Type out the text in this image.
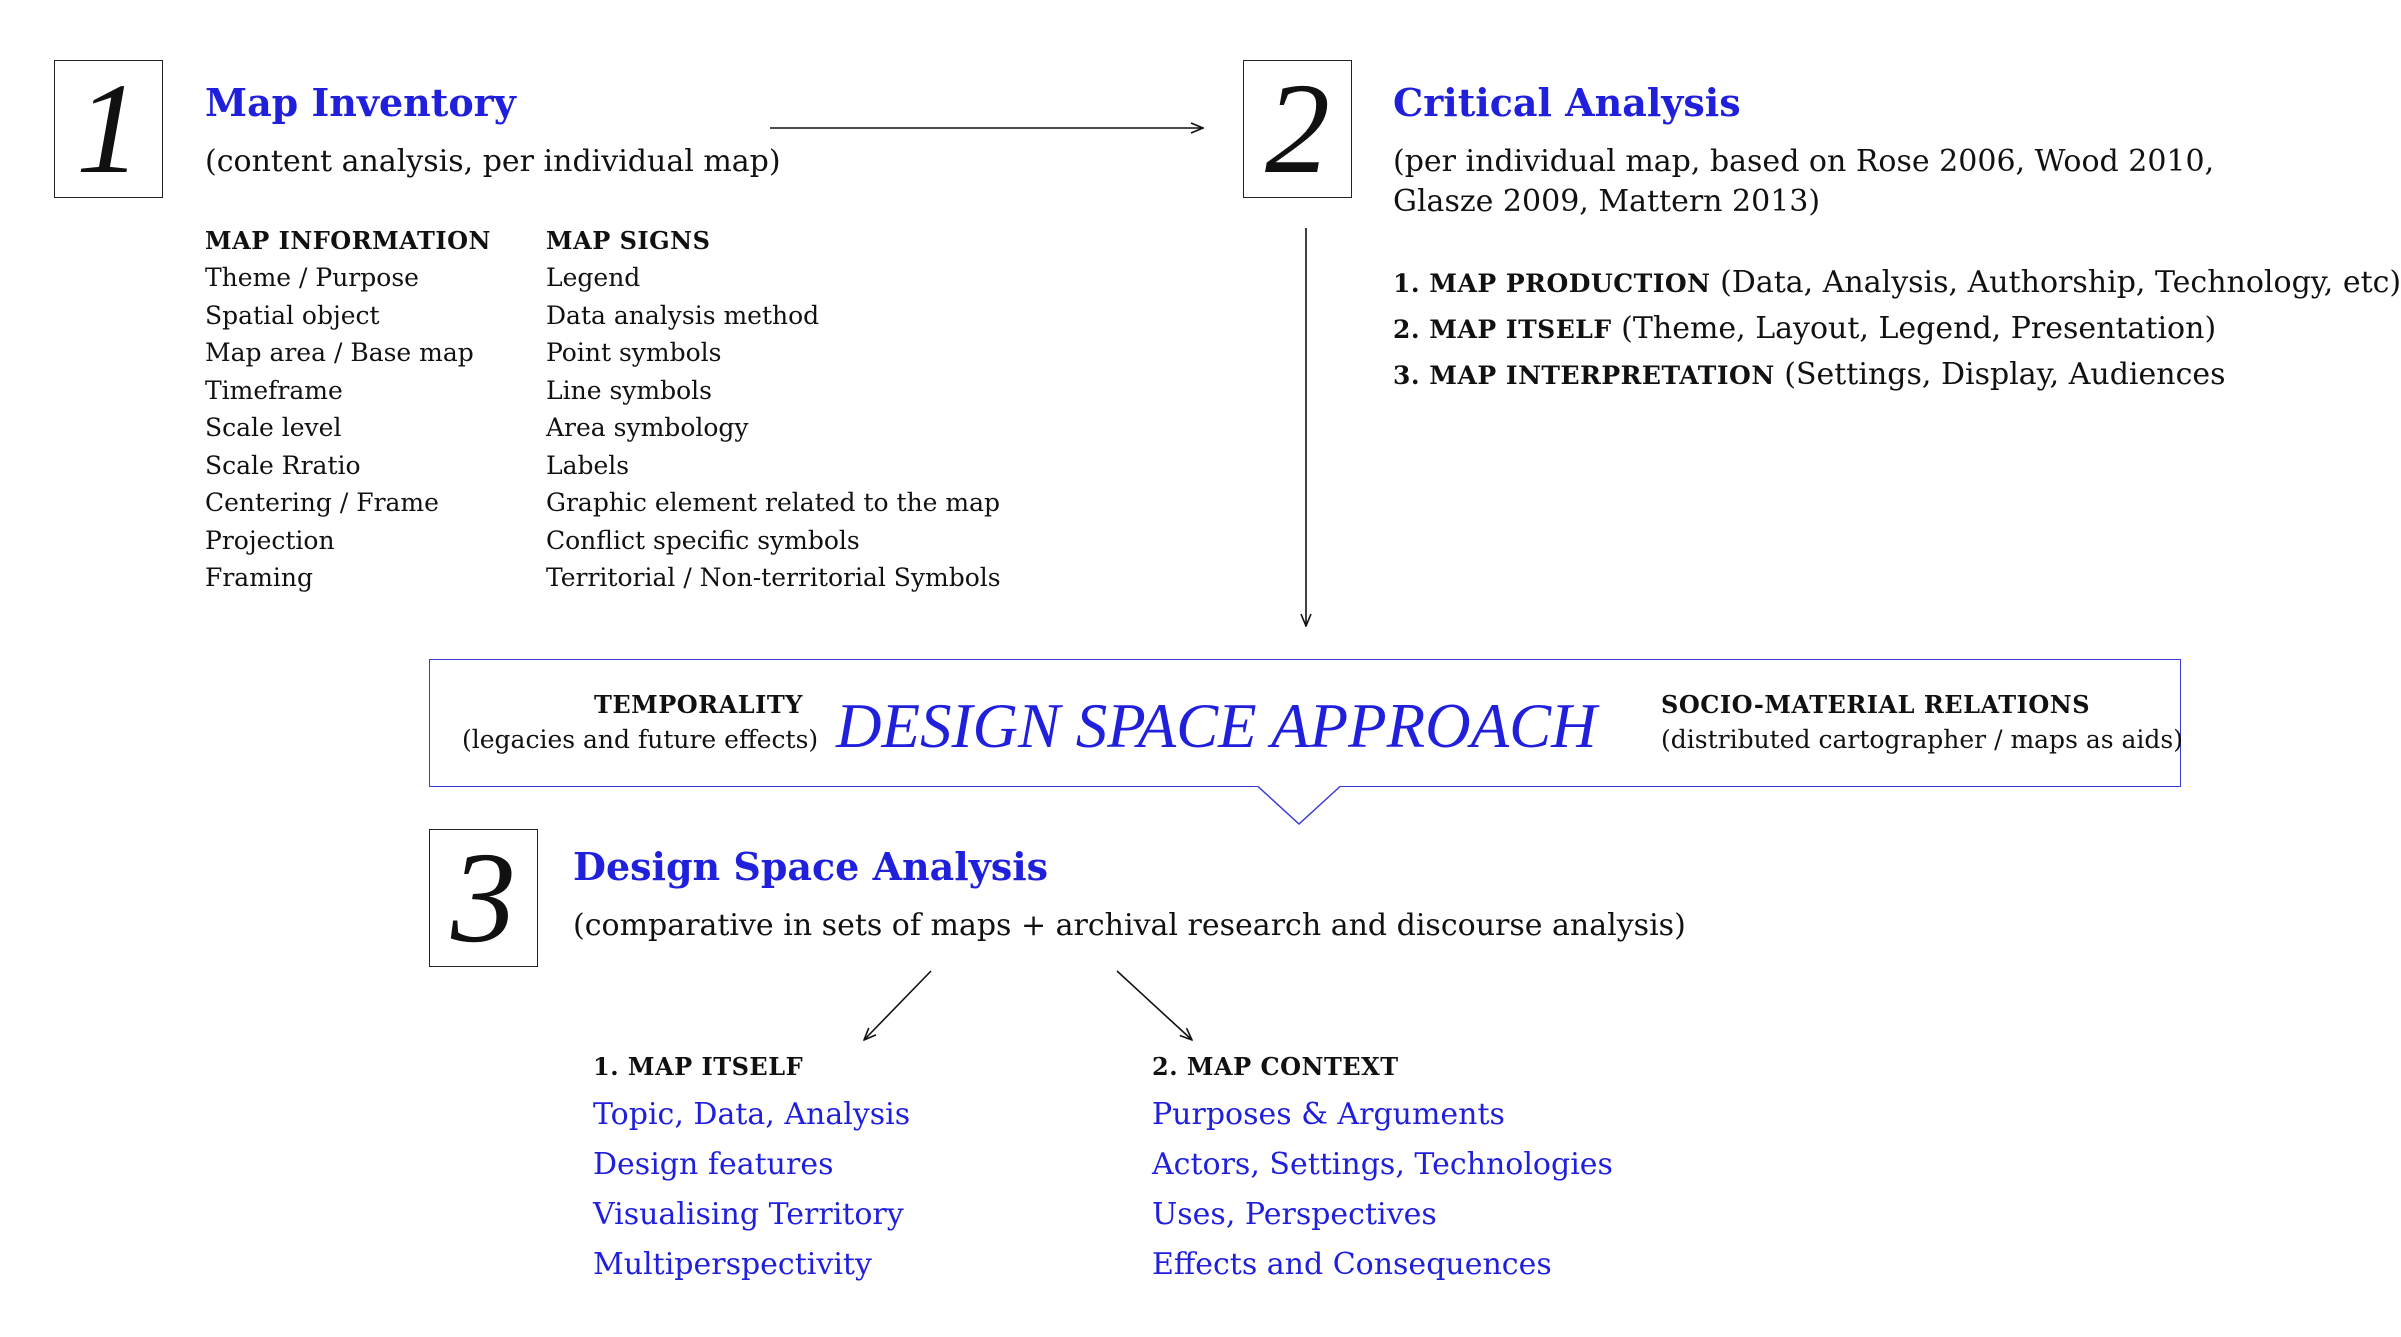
1 Map Inventory
(content analysis, per individual map)
MAP INFORMATION
Theme / Purpose
Spatial object
Map area / Base map
Timeframe
Scale level
Scale Rratio
Centering / Frame
Projection
Framing
MAP SIGNS
Legend
Data analysis method
Point symbols
Line symbols
Area symbology
Labels
Graphic element related to the map
Conflict specific symbols
Territorial / Non-territorial Symbols
2 Critical Analysis
(per individual map, based on Rose 2006, Wood 2010,
Glasze 2009, Mattern 2013)
1. MAP PRODUCTION (Data, Analysis, Authorship, Technology, etc)
2. MAP ITSELF (Theme, Layout, Legend, Presentation)
3. MAP INTERPRETATION (Settings, Display, Audiences
TEMPORALITY
(legacies and future effects) DESIGN SPACE APPROACH	SOCIO-MATERIAL RELATIONS
(distributed cartographer / maps as aids)
3 Design Space Analysis
(comparative in sets of maps + archival research and discourse analysis)
1. MAP ITSELF
Topic, Data, Analysis
Design features
Visualising Territory
Multiperspectivity
2. MAP CONTEXT
Purposes & Arguments
Actors, Settings, Technologies
Uses, Perspectives
Effects and Consequences
